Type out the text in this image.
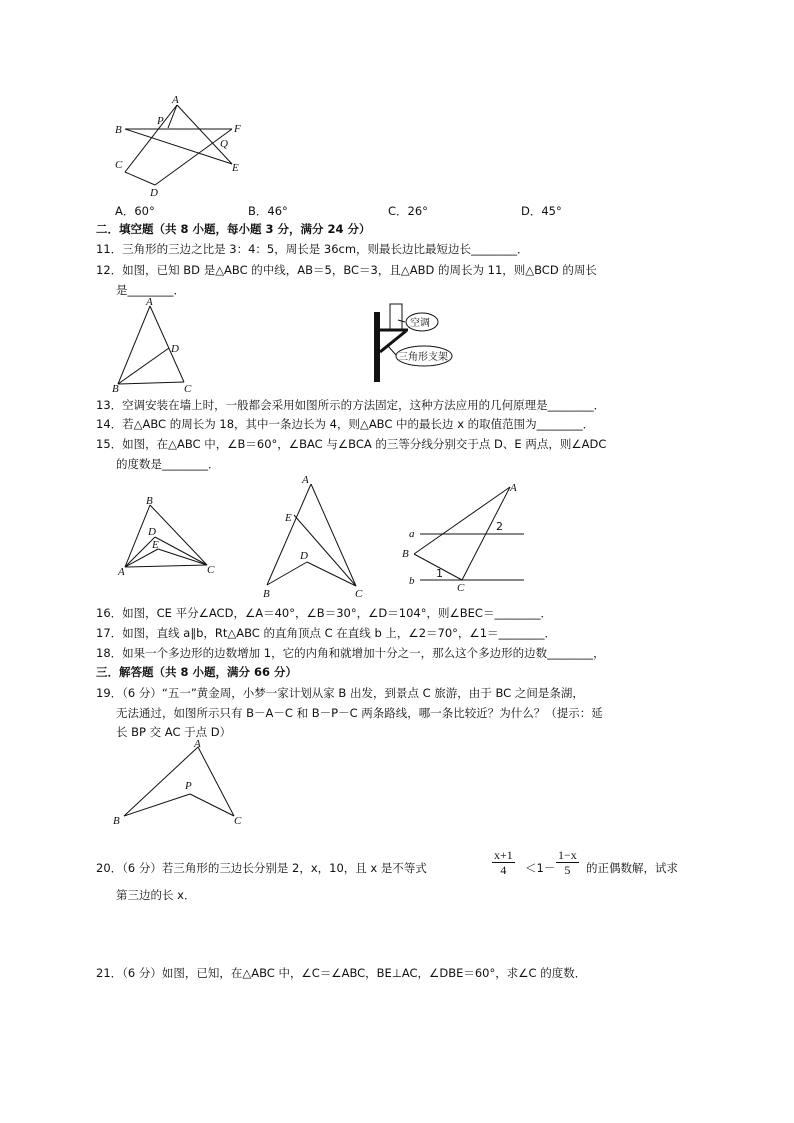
A
P
B	F
Q
C	E
D
A．60°	B．46°	C．26°	D．45°
二．填空题（共 8 小题，每小题 3 分，满分 24 分）
11．三角形的三边之比是 3：4：5，周长是 36cm，则最长边比最短边长________．
12．如图，已知 BD 是△ABC 的中线，AB＝5，BC＝3，且△ABD 的周长为 11，则△BCD 的周长
是________．
A
D
B	C
空调
三角形支架
13．空调安装在墙上时，一般都会采用如图所示的方法固定，这种方法应用的几何原理是________．
14．若△ABC 的周长为 18，其中一条边长为 4，则△ABC 中的最长边 x 的取值范围为________．
15．如图，在△ABC 中，∠B＝60°，∠BAC 与∠BCA 的三等分线分别交于点 D、E 两点，则∠ADC
的度数是________．
B
D
E
A	C
A
E
D
B	C
A
a
2
B
b
1
C
16．如图，CE 平分∠ACD，∠A＝40°，∠B＝30°，∠D＝104°，则∠BEC＝________．
17．如图，直线 a∥b，Rt△ABC 的直角顶点 C 在直线 b 上，∠2＝70°，∠1＝________．
18．如果一个多边形的边数增加 1，它的内角和就增加十分之一，那么这个多边形的边数________，
三．解答题（共 8 小题，满分 66 分）
19．（6 分）“五一”黄金周，小梦一家计划从家 B 出发，到景点 C 旅游，由于 BC 之间是条湖，
无法通过，如图所示只有 B－A－C 和 B－P－C 两条路线，哪一条比较近？为什么？（提示：延
长 BP 交 AC 于点 D）
A
P
B	C
20．（6 分）若三角形的三边长分别是 2，x，10，且 x 是不等式	$\frac{x+1}{4} <1- \frac{1-x}{5}$ 的正偶数解，试求
第三边的长 x．
21．（6 分）如图，已知，在△ABC 中，∠C＝∠ABC，BE⊥AC，∠DBE＝60°，求∠C 的度数．
